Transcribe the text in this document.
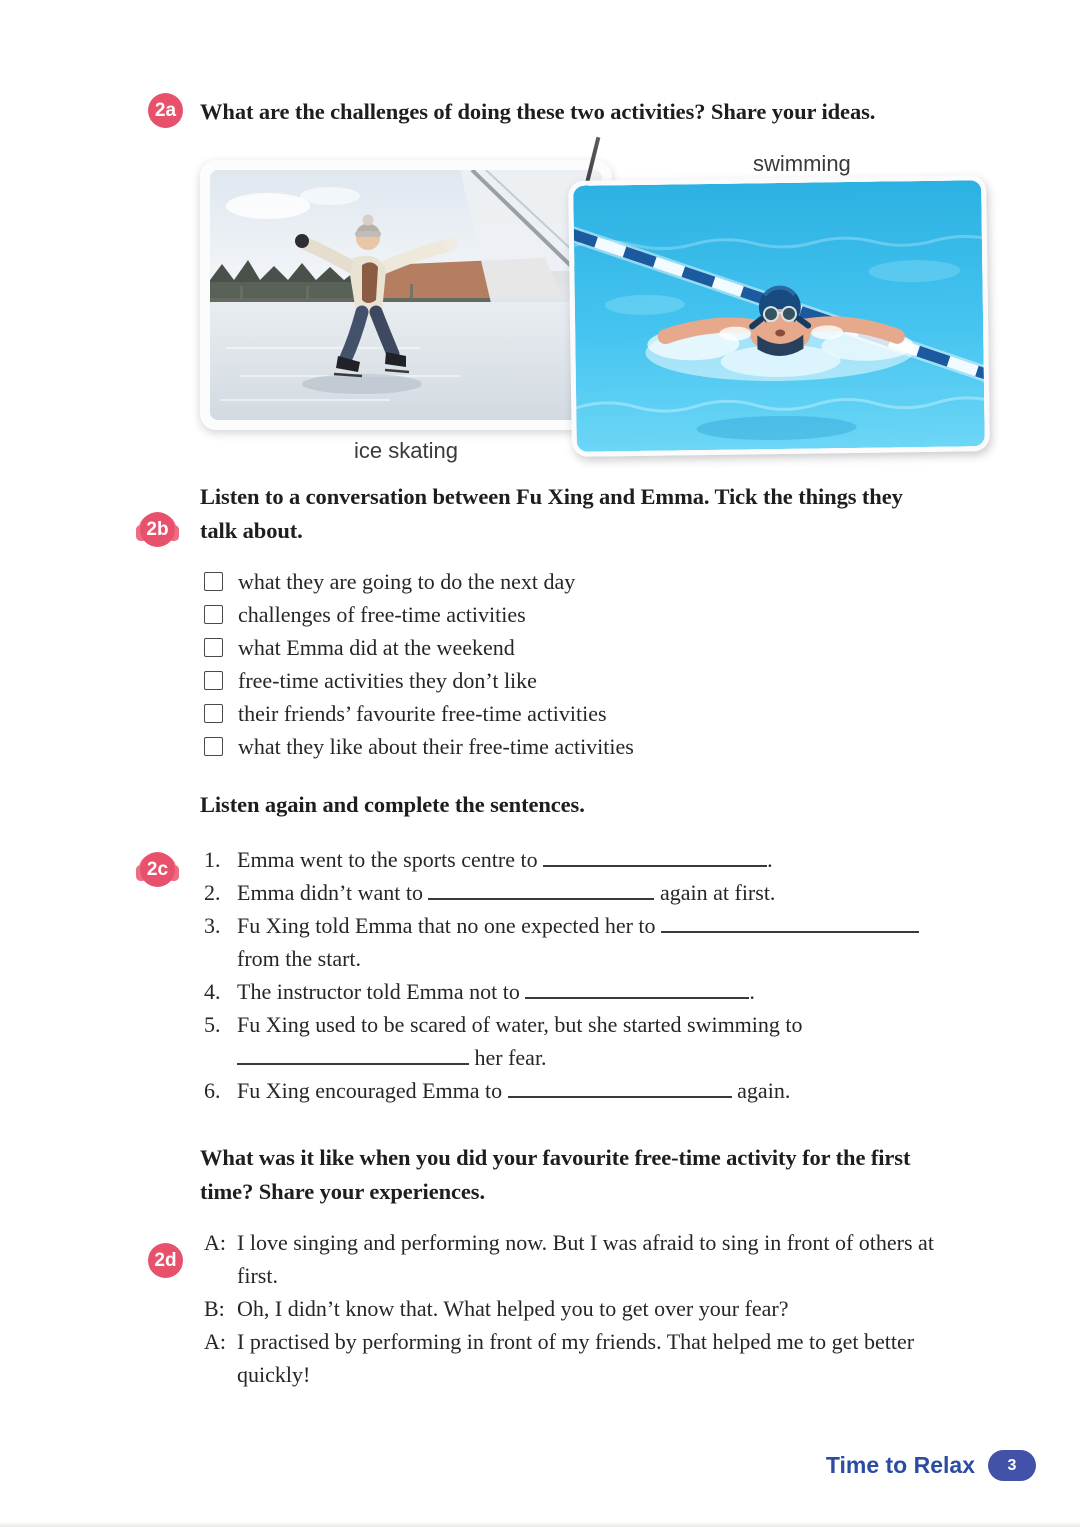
2a What are the challenges of doing these two activities? Share your ideas.
ice skating
swimming
2b
Listen to a conversation between Fu Xing and Emma. Tick the things they
talk about.
what they are going to do the next day
challenges of free-time activities
what Emma did at the weekend
free-time activities they don’t like
their friends’ favourite free-time activities
what they like about their free-time activities
2c
Listen again and complete the sentences.
1. Emma went to the sports centre to	.
2. Emma didn’t want to	again at first.
3. Fu Xing told Emma that no one expected her to
from the start.
4. The instructor told Emma not to	.
5. Fu Xing used to be scared of water, but she started swimming to
her fear.
6. Fu Xing encouraged Emma to	again.
2d
What was it like when you did your favourite free-time activity for the first
time? Share your experiences.
A: I love singing and performing now. But I was afraid to sing in front of others at first.
B: Oh, I didn’t know that. What helped you to get over your fear?
A: I practised by performing in front of my friends. That helped me to get better quickly!
Time to Relax 3
